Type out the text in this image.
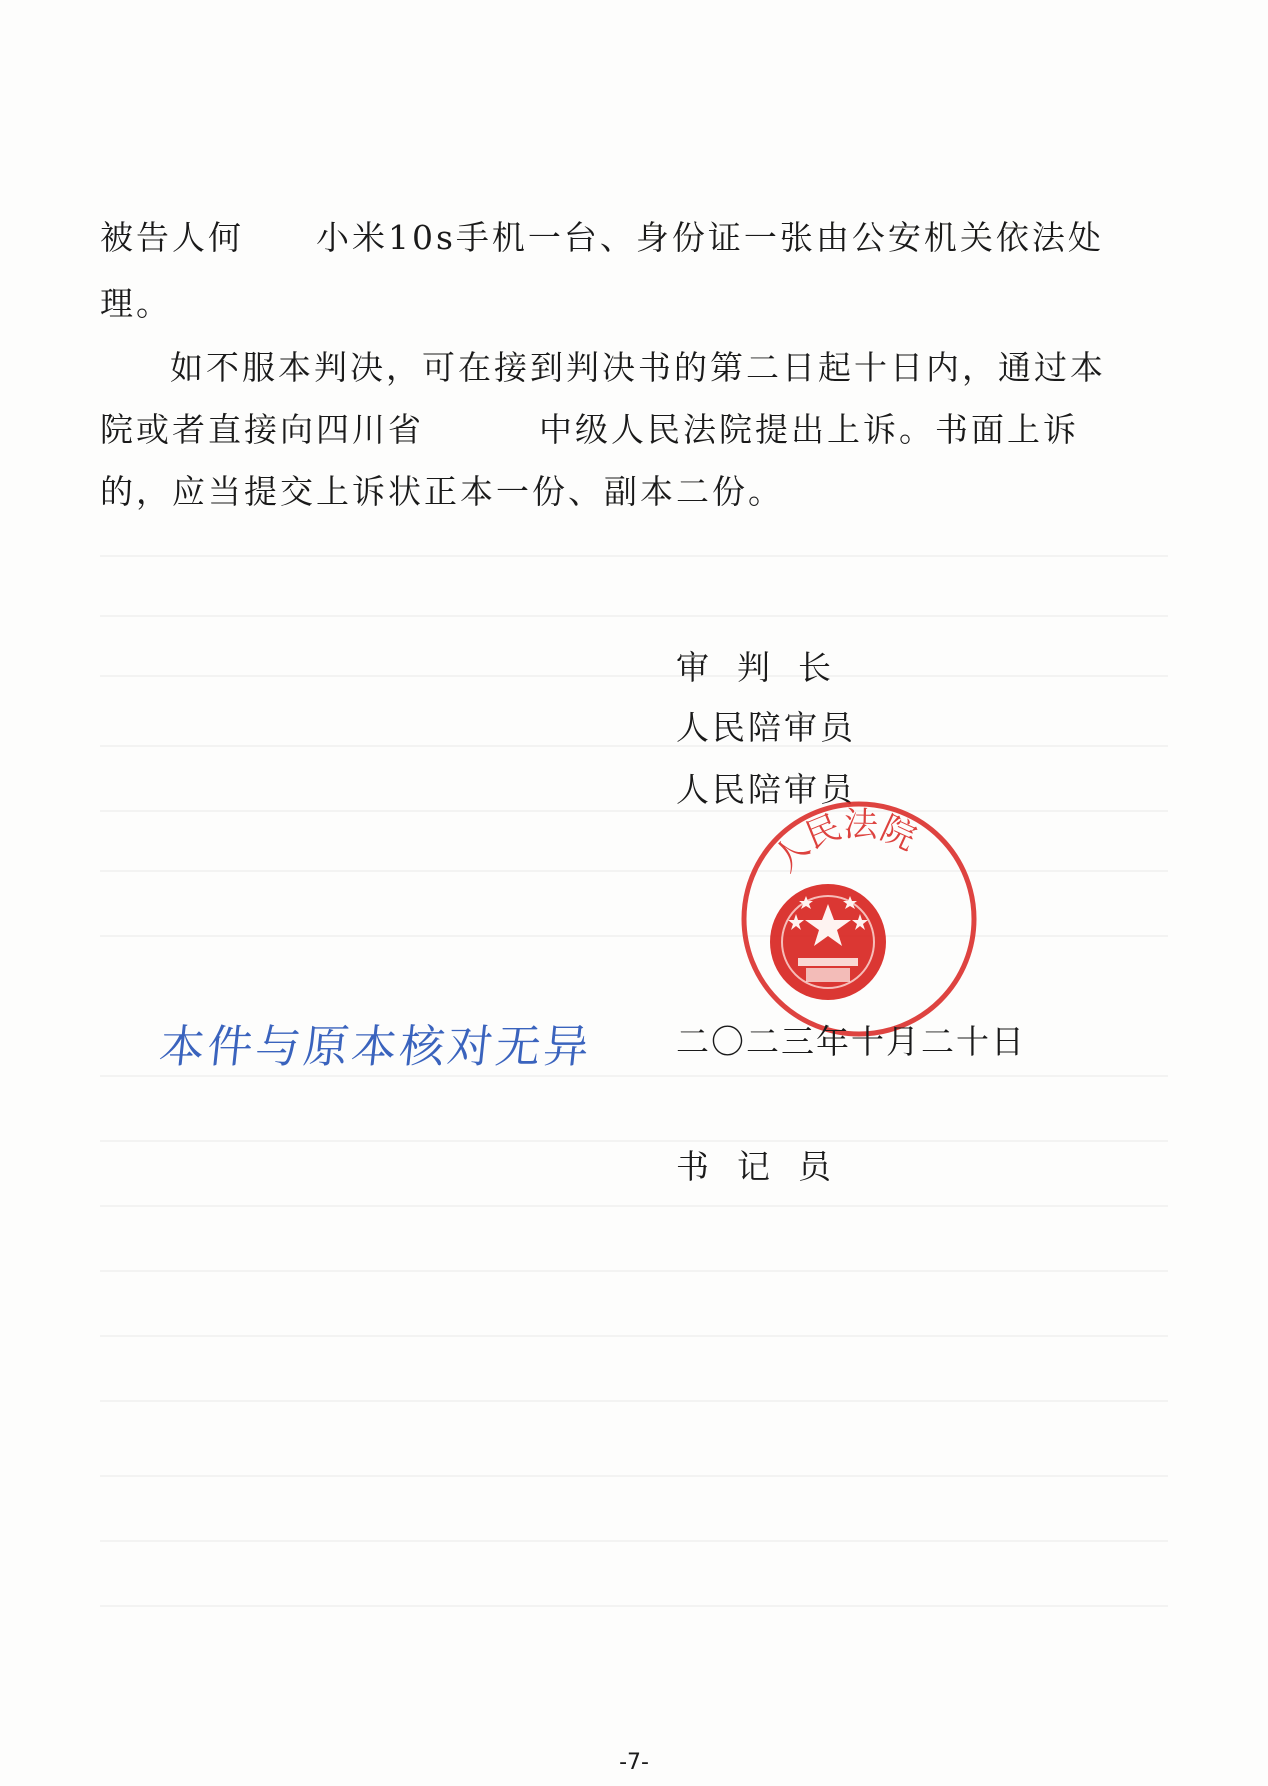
被告人何 小米10s手机一台、身份证一张由公安机关依法处
理。
如不服本判决，可在接到判决书的第二日起十日内，通过本
院或者直接向四川省	中级人民法院提出上诉。书面上诉
的，应当提交上诉状正本一份、副本二份。
审判长
人民陪审员
人民陪审员
人民法院
本件与原本核对无异 二〇二三年十月二十日
书记员
-7-
